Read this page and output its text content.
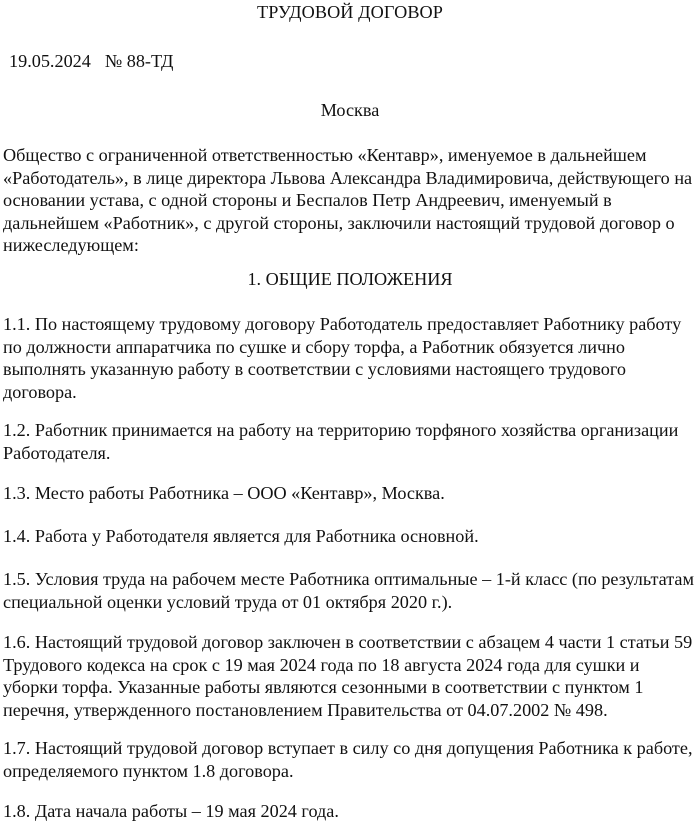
ТРУДОВОЙ ДОГОВОР
19.05.2024 № 88-ТД
Москва

Общество с ограниченной ответственностью «Кентавр», именуемое в дальнейшем «Работодатель», в лице директора Львова Александра Владимировича, действующего на основании устава, с одной стороны и Беспалов Петр Андреевич, именуемый в дальнейшем «Работник», с другой стороны, заключили настоящий трудовой договор о нижеследующем:

1. ОБЩИЕ ПОЛОЖЕНИЯ

1.1. По настоящему трудовому договору Работодатель предоставляет Работнику работу по должности аппаратчика по сушке и сбору торфа, а Работник обязуется лично выполнять указанную работу в соответствии с условиями настоящего трудового договора.

1.2. Работник принимается на работу на территорию торфяного хозяйства организации Работодателя.

1.3. Место работы Работника – ООО «Кентавр», Москва.

1.4. Работа у Работодателя является для Работника основной.

1.5. Условия труда на рабочем месте Работника оптимальные – 1-й класс (по результатам специальной оценки условий труда от 01 октября 2020 г.).

1.6. Настоящий трудовой договор заключен в соответствии с абзацем 4 части 1 статьи 59 Трудового кодекса на срок с 19 мая 2024 года по 18 августа 2024 года для сушки и уборки торфа. Указанные работы являются сезонными в соответствии с пунктом 1 перечня, утвержденного постановлением Правительства от 04.07.2002 № 498.

1.7. Настоящий трудовой договор вступает в силу со дня допущения Работника к работе, определяемого пунктом 1.8 договора.

1.8. Дата начала работы – 19 мая 2024 года.
